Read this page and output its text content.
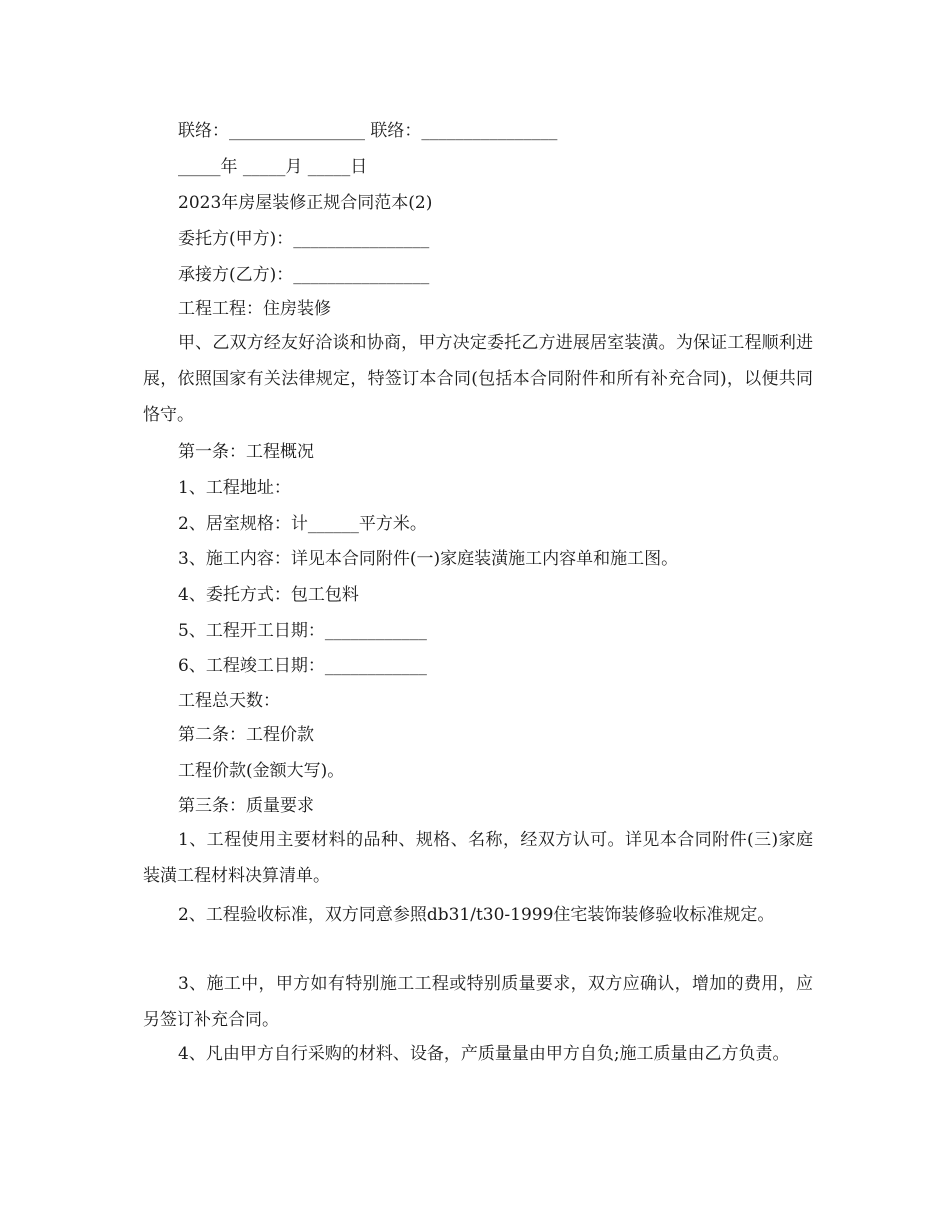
联络：________________ 联络：________________
_____年 _____月 _____日
2023年房屋装修正规合同范本(2)
委托方(甲方)：________________
承接方(乙方)：________________
工程工程：住房装修
甲、乙双方经友好洽谈和协商，甲方决定委托乙方进展居室装潢。为保证工程顺利进展，依照国家有关法律规定，特签订本合同(包括本合同附件和所有补充合同)，以便共同恪守。
第一条：工程概况
1、工程地址：
2、居室规格：计______平方米。
3、施工内容：详见本合同附件(一)家庭装潢施工内容单和施工图。
4、委托方式：包工包料
5、工程开工日期：____________
6、工程竣工日期：____________
工程总天数：
第二条：工程价款
工程价款(金额大写)。
第三条：质量要求
1、工程使用主要材料的品种、规格、名称，经双方认可。详见本合同附件(三)家庭装潢工程材料决算清单。
2、工程验收标准，双方同意参照db31/t30-1999住宅装饰装修验收标准规定。
3、施工中，甲方如有特别施工工程或特别质量要求，双方应确认，增加的费用，应另签订补充合同。
4、凡由甲方自行采购的材料、设备，产质量量由甲方自负;施工质量由乙方负责。
